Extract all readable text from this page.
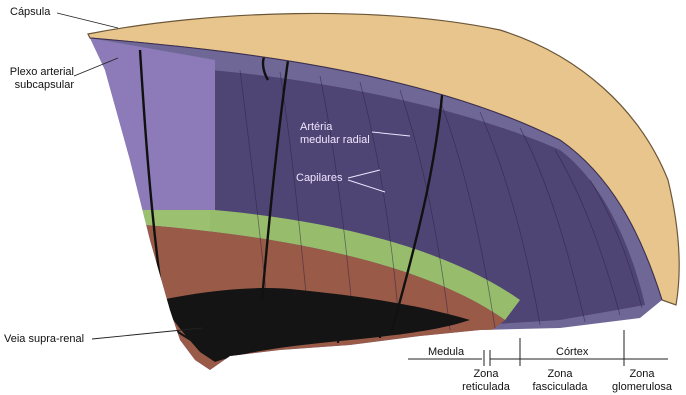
Cápsula
Plexo arterial
subcapsular
Artéria
medular radial
Capilares
Veia supra-renal
Medula	Córtex
Zona
reticulada
Zona
fasciculada
Zona
glomerulosa
